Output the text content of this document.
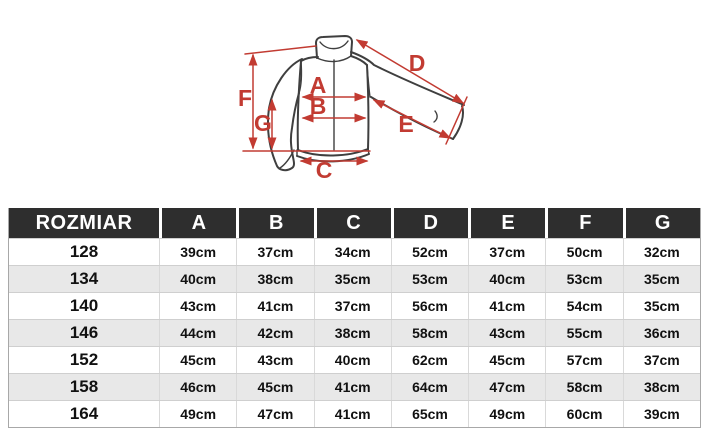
F
G
A
B
C
D
E
ROZMIAR	A	B	C	D	E	F	G
128	39cm	37cm	34cm	52cm	37cm	50cm	32cm
134	40cm	38cm	35cm	53cm	40cm	53cm	35cm
140	43cm	41cm	37cm	56cm	41cm	54cm	35cm
146	44cm	42cm	38cm	58cm	43cm	55cm	36cm
152	45cm	43cm	40cm	62cm	45cm	57cm	37cm
158	46cm	45cm	41cm	64cm	47cm	58cm	38cm
164	49cm	47cm	41cm	65cm	49cm	60cm	39cm
